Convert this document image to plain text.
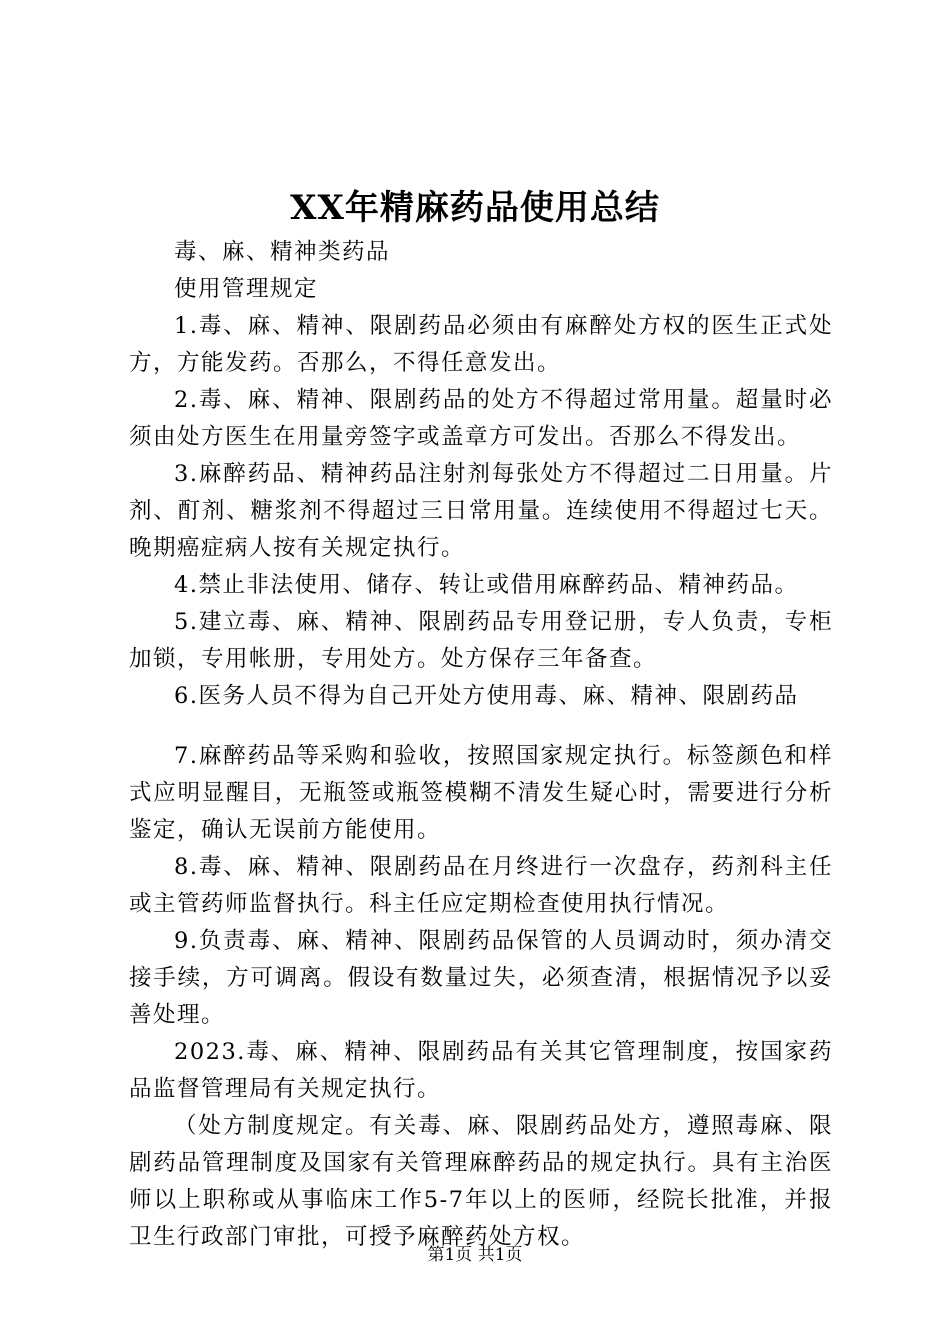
XX年精麻药品使用总结

毒、麻、精神类药品

使用管理规定

1.毒、麻、精神、限剧药品必须由有麻醉处方权的医生正式处方，方能发药。否那么，不得任意发出。

2.毒、麻、精神、限剧药品的处方不得超过常用量。超量时必须由处方医生在用量旁签字或盖章方可发出。否那么不得发出。

3.麻醉药品、精神药品注射剂每张处方不得超过二日用量。片剂、酊剂、糖浆剂不得超过三日常用量。连续使用不得超过七天。晚期癌症病人按有关规定执行。

4.禁止非法使用、储存、转让或借用麻醉药品、精神药品。

5.建立毒、麻、精神、限剧药品专用登记册，专人负责，专柜加锁，专用帐册，专用处方。处方保存三年备查。

6.医务人员不得为自己开处方使用毒、麻、精神、限剧药品

7.麻醉药品等采购和验收，按照国家规定执行。标签颜色和样式应明显醒目，无瓶签或瓶签模糊不清发生疑心时，需要进行分析鉴定，确认无误前方能使用。

8.毒、麻、精神、限剧药品在月终进行一次盘存，药剂科主任或主管药师监督执行。科主任应定期检查使用执行情况。

9.负责毒、麻、精神、限剧药品保管的人员调动时，须办清交接手续，方可调离。假设有数量过失，必须查清，根据情况予以妥善处理。

2023.毒、麻、精神、限剧药品有关其它管理制度，按国家药品监督管理局有关规定执行。

（处方制度规定。有关毒、麻、限剧药品处方，遵照毒麻、限剧药品管理制度及国家有关管理麻醉药品的规定执行。具有主治医师以上职称或从事临床工作5-7年以上的医师，经院长批准，并报卫生行政部门审批，可授予麻醉药处方权。

第1页 共1页
